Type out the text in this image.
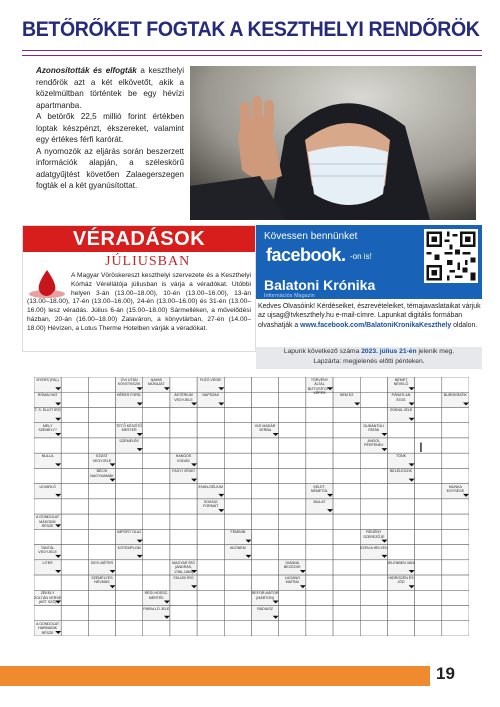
BETŐRŐKET FOGTAK A KESZTHELYI RENDŐRÖK

Azonosították és elfogták a keszthelyi rendőrök azt a két elkövetőt, akik a közelmúltban történtek be egy hévízi apartmanba.

A betörők 22,5 millió forint értékben loptak készpénzt, ékszereket, valamint egy értékes férfi karórát.

A nyomozók az eljárás során beszerzett információk alapján, a széleskörű adatgyűjtést követően Zalaegerszegen fogták el a két gyanúsítottat.

VÉRADÁSOK
JÚLIUSBAN
A Magyar Vöröskereszt keszthelyi szervezete és a Keszthelyi Kórház Vérellátója júliusban is várja a véradókat. Utóbbi helyen 3-án (13.00–18.00), 10-én (13.00–16.00), 13-án (13.00–18.00), 17-én (13.00–16.00), 24-én (13.00–16.00) és 31-én (13.00–16.00) lesz véradás. Július 6-án (15.00–18.00) Sármelléken, a művelődési házban, 20-án (16.00–18.00) Zalaváron, a könyvtárban, 27-én (14.00–18.00) Hévízen, a Lotus Therme Hotelben várják a véradókat.
Kövessen bennünket
facebook. -on is!
Balatoni Krónika
Információs Magazin
Kedves Olvasóink! Kérdéseiket, észrevételeiket, témajavaslataikat várjuk az ujsag@tvkeszthely.hu e-mail-címre. Lapunkat digitális formában olvashatják a www.facebook.com/BalatoniKronikaKeszthely oldalon.
Lapunk következő száma 2023. július 21-én jelenik meg.
Lapzárta: megjelenés előtti pénteken.
NYERS (FAL)	ÓVI UTÁN KÖVETKEZIK
HAMIS MŰSAJÁT
FLÉÓ VÉGE!	TÖRVÉNY ÁLTAL BIZTOSÍTOTT KÉPES
NÉMET NÉVELŐ
RÓMAI HAT	HÉRES FORD.	ÁKTÉRIUM VEGYJELE
NAPSZAK	NEM EZ	PÁRATLAN ÉGIG
BUROKRATIK
T. S. ELIOT ÍRÓ	ZOKNIL JELE
TETŐ KÉSZÍTŐ MESTER
VIZI MADÁR VERBA
DUNÁNTÚLI PATAK
MELY SZEMÉLY?
ÜZEMELÉK	ANGOL PÉRFÉNEV
EZÜST VEGYJELE
HANGOS KODÁS
TÖNK
NULLA
BÉCSI NAGYMAMÁK
FAGYI VÉGE!	BELÉLEGZIK
EVAN-GÉLIUM	KELET, NÉMETÜL
MUNKA EGYSÉGE
LEVARLÓ
SOKÁIG FORMÁT
MULAT
A GONDOLAT MÁSODIK RÉSZE
IMPORT OLAJ	FEMININ	REGÉNY SZEREZŐJE
TANTÁL VEGYJELE
KÖTEMPLOM	ADÓNEM	EZEN A HELYEN
DEYI-MÉTER	MAGYAR ÍRÓ (ANDRÁS, 1786–1864)
DIANNA BECÉZVE
JELENBEN VAN!
LITER
SZEMÉLYES NÉVMÁS
FALUDI ÍRÓ	LUGANO MATRAI
HIDROGÉN ÉS JÓD
ZÉKELY ZOLTÁN VERSE (KÉT SZÓ)
RÉGI HOSSZ-MÉRTÉK
REFOR-MÁTOR (MÁRTON)
PARALLÓ JELE	RÁDIUSZ
A GONDOLAT HARMADIK RÉSZE
I
19
